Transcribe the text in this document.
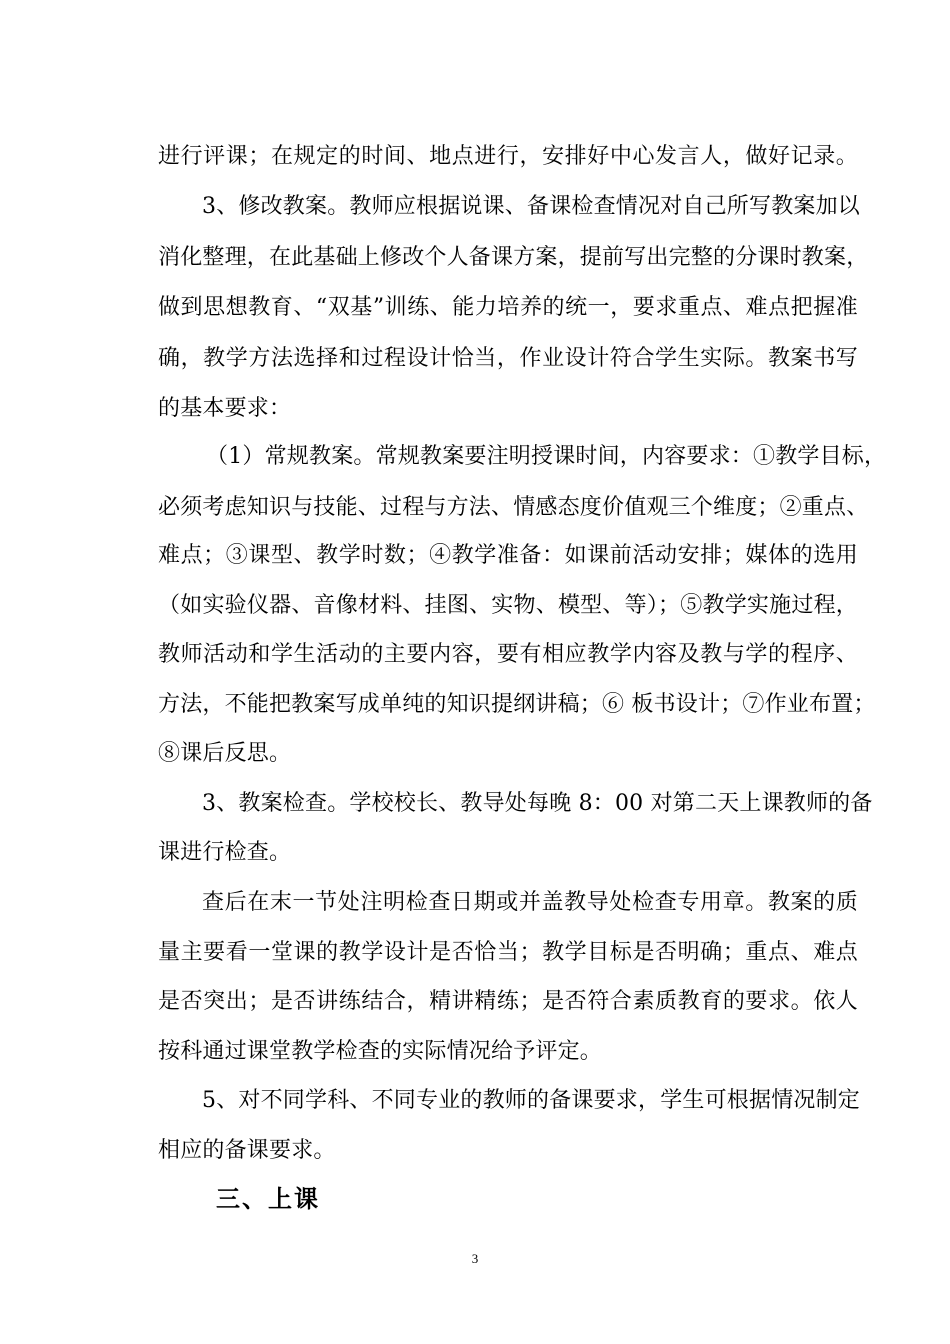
进行评课；在规定的时间、地点进行，安排好中心发言人，做好记录。
3、修改教案。教师应根据说课、备课检查情况对自己所写教案加以
消化整理，在此基础上修改个人备课方案，提前写出完整的分课时教案，
做到思想教育、“双基”训练、能力培养的统一，要求重点、难点把握准
确，教学方法选择和过程设计恰当，作业设计符合学生实际。教案书写
的基本要求：
（1）常规教案。常规教案要注明授课时间，内容要求：①教学目标，
必须考虑知识与技能、过程与方法、情感态度价值观三个维度；②重点、
难点；③课型、教学时数；④教学准备：如课前活动安排；媒体的选用
（如实验仪器、音像材料、挂图、实物、模型、等）；⑤教学实施过程，
教师活动和学生活动的主要内容，要有相应教学内容及教与学的程序、
方法，不能把教案写成单纯的知识提纲讲稿；⑥ 板书设计；⑦作业布置；
⑧课后反思。
3、教案检查。学校校长、教导处每晚 8：00 对第二天上课教师的备
课进行检查。
查后在末一节处注明检查日期或并盖教导处检查专用章。教案的质
量主要看一堂课的教学设计是否恰当；教学目标是否明确；重点、难点
是否突出；是否讲练结合，精讲精练；是否符合素质教育的要求。依人
按科通过课堂教学检查的实际情况给予评定。
5、对不同学科、不同专业的教师的备课要求，学生可根据情况制定
相应的备课要求。
三、上课
3
